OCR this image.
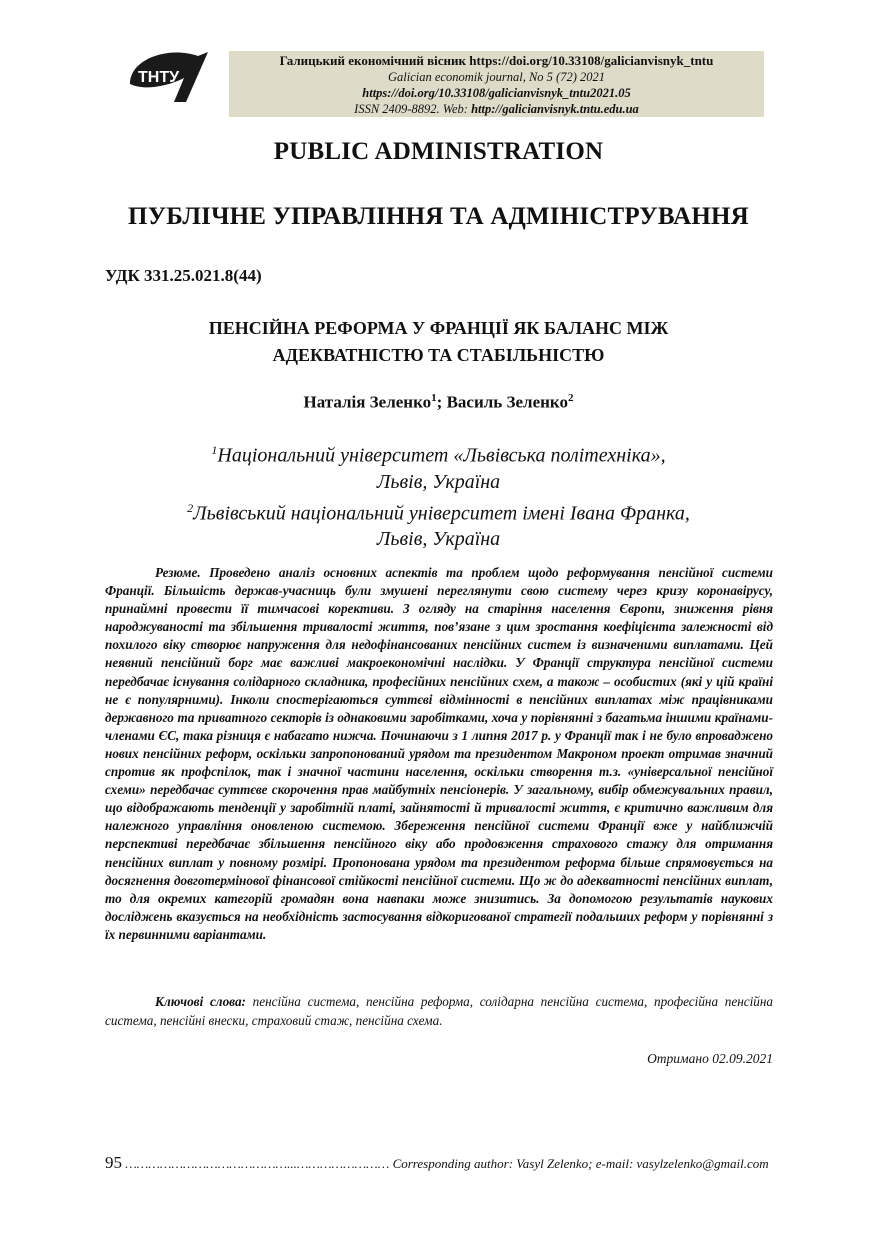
ТНТУ
Галицький економічний вісник https://doi.org/10.33108/galicianvisnyk_tntu
Galician economik journal, No 5 (72) 2021
https://doi.org/10.33108/galicianvisnyk_tntu2021.05
ISSN 2409-8892. Web: http://galicianvisnyk.tntu.edu.ua
PUBLIC ADMINISTRATION
ПУБЛІЧНЕ УПРАВЛІННЯ ТА АДМІНІСТРУВАННЯ
УДК 331.25.021.8(44)
ПЕНСІЙНА РЕФОРМА У ФРАНЦІЇ ЯК БАЛАНС МІЖ
АДЕКВАТНІСТЮ ТА СТАБІЛЬНІСТЮ
Наталія Зеленко$^1$; Василь Зеленко$^2$
$^1$Національний університет «Львівська політехніка»,
Львів, Україна
$^2$Львівський національний університет імені Івана Франка,
Львів, Україна
Резюме. Проведено аналіз основних аспектів та проблем щодо реформування пенсійної системи Франції. Більшість держав-учасниць були змушені переглянути свою систему через кризу коронавірусу, принаймні провести її тимчасові корективи. З огляду на старіння населення Європи, зниження рівня народжуваності та збільшення тривалості життя, пов’язане з цим зростання коефіцієнта залежності від похилого віку створює напруження для недофінансованих пенсійних систем із визначеними виплатами. Цей неявний пенсійний борг має важливі макроекономічні наслідки. У Франції структура пенсійної системи передбачає існування солідарного складника, професійних пенсійних схем, а також – особистих (які у цій країні не є популярними). Інколи спостерігаються суттєві відмінності в пенсійних виплатах між працівниками державного та приватного секторів із однаковими заробітками, хоча у порівнянні з багатьма іншими країнами-членами ЄС, така різниця є набагато нижча. Починаючи з 1 липня 2017 р. у Франції так і не було впроваджено нових пенсійних реформ, оскільки запропонований урядом та президентом Макроном проект отримав значний спротив як профспілок, так і значної частини населення, оскільки створення т.з. «універсальної пенсійної схеми» передбачає суттєве скорочення прав майбутніх пенсіонерів. У загальному, вибір обмежувальних правил, що відображають тенденції у заробітній платі, зайнятості й тривалості життя, є критично важливим для належного управління оновленою системою. Збереження пенсійної системи Франції вже у найближчій перспективі передбачає збільшення пенсійного віку або продовження страхового стажу для отримання пенсійних виплат у повному розмірі. Пропонована урядом та президентом реформа більше спрямовується на досягнення довготермінової фінансової стійкості пенсійної системи. Що ж до адекватності пенсійних виплат, то для окремих категорій громадян вона навпаки може знизитись. За допомогою результатів наукових досліджень вказується на необхідність застосування відкоригованої стратегії подальших реформ у порівнянні з їх первинними варіантами.
Ключові слова: пенсійна система, пенсійна реформа, солідарна пенсійна система, професійна пенсійна система, пенсійні внески, страховий стаж, пенсійна схема.
Отримано 02.09.2021
95 ……………………………………...…………………… Corresponding author: Vasyl Zelenko; e-mail: vasylzelenko@gmail.com
